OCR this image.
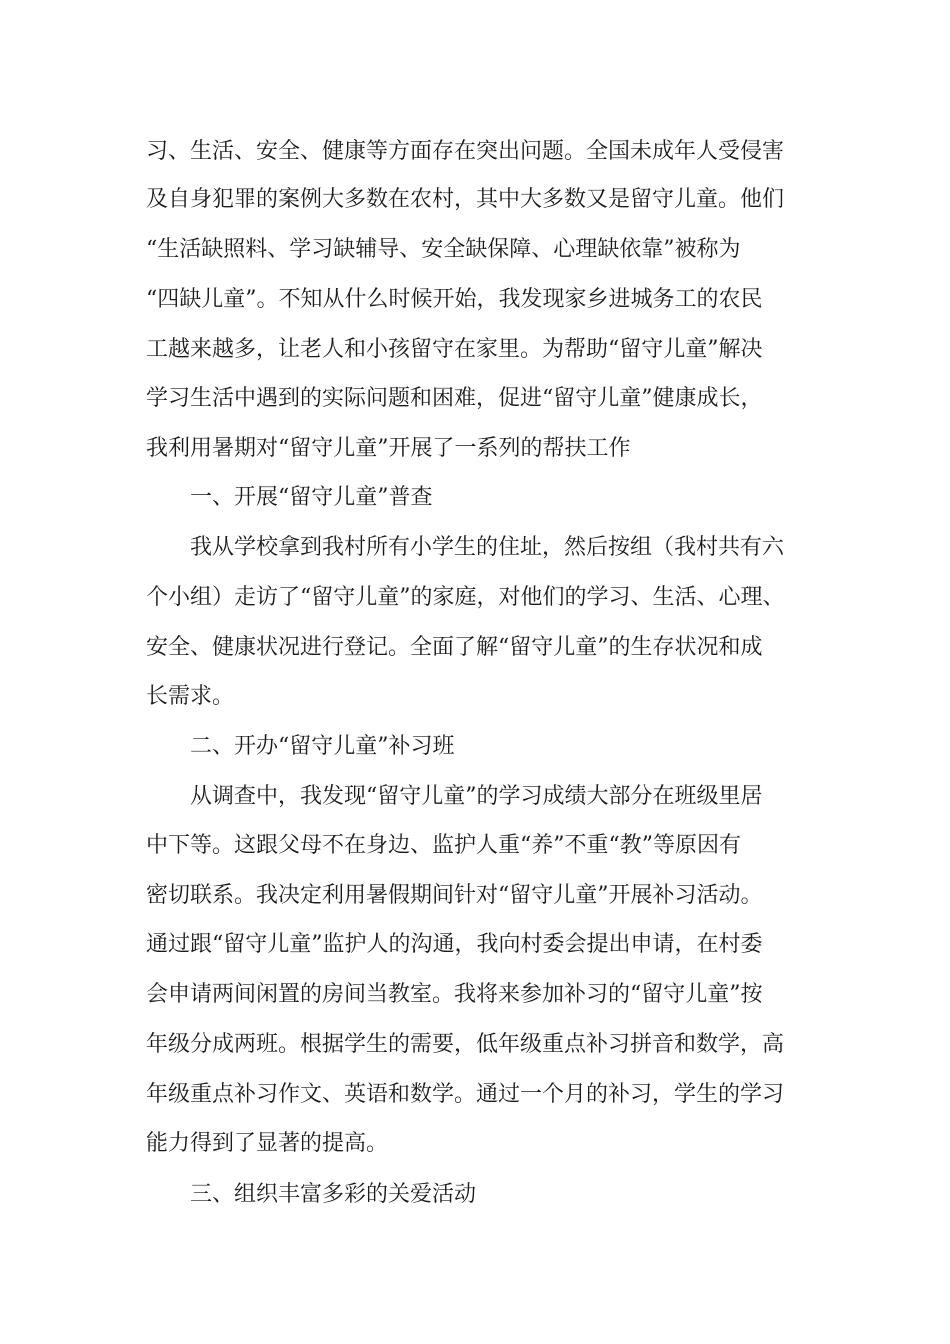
习、生活、安全、健康等方面存在突出问题。全国未成年人受侵害

及自身犯罪的案例大多数在农村，其中大多数又是留守儿童。他们

“生活缺照料、学习缺辅导、安全缺保障、心理缺依靠”被称为

“四缺儿童”。不知从什么时候开始，我发现家乡进城务工的农民

工越来越多，让老人和小孩留守在家里。为帮助“留守儿童”解决

学习生活中遇到的实际问题和困难，促进“留守儿童”健康成长，

我利用暑期对“留守儿童”开展了一系列的帮扶工作

一、开展“留守儿童”普查

我从学校拿到我村所有小学生的住址，然后按组（我村共有六

个小组）走访了“留守儿童”的家庭，对他们的学习、生活、心理、

安全、健康状况进行登记。全面了解“留守儿童”的生存状况和成

长需求。

二、开办“留守儿童”补习班

从调查中，我发现“留守儿童”的学习成绩大部分在班级里居

中下等。这跟父母不在身边、监护人重“养”不重“教”等原因有

密切联系。我决定利用暑假期间针对“留守儿童”开展补习活动。

通过跟“留守儿童”监护人的沟通，我向村委会提出申请，在村委

会申请两间闲置的房间当教室。我将来参加补习的“留守儿童”按

年级分成两班。根据学生的需要，低年级重点补习拼音和数学，高

年级重点补习作文、英语和数学。通过一个月的补习，学生的学习

能力得到了显著的提高。

三、组织丰富多彩的关爱活动
